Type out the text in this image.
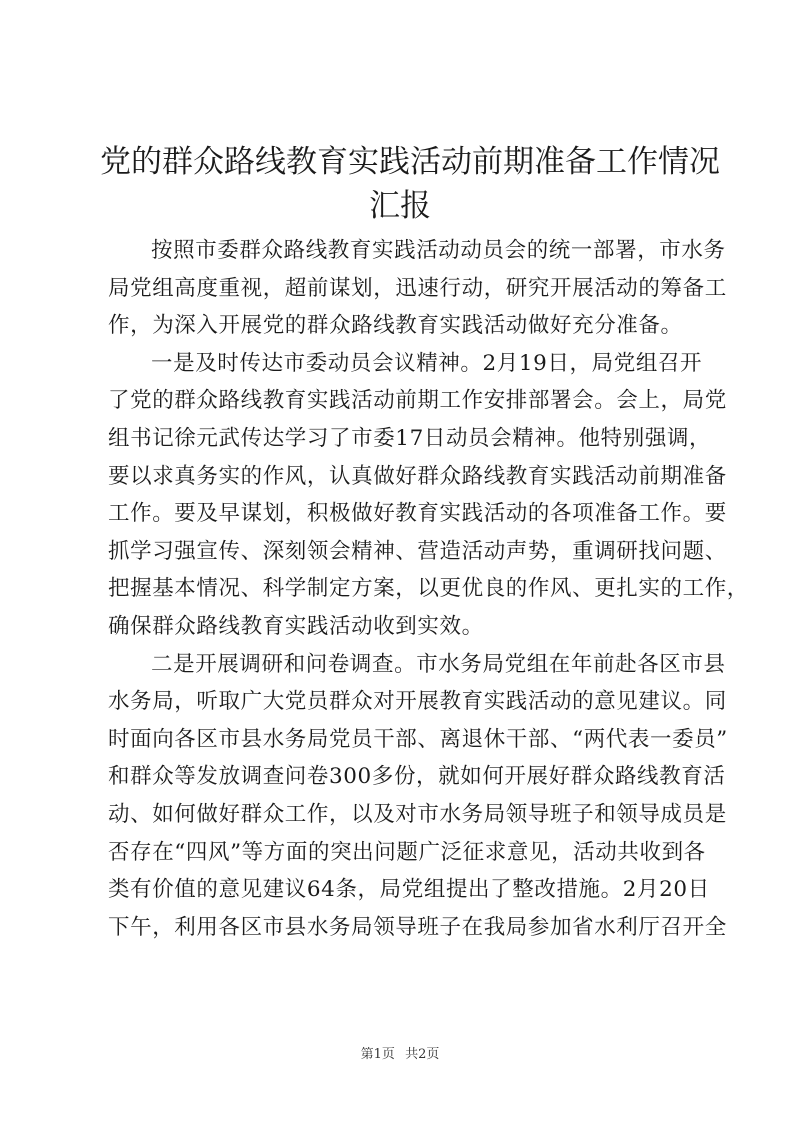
党的群众路线教育实践活动前期准备工作情况
汇报
按照市委群众路线教育实践活动动员会的统一部署，市水务
局党组高度重视，超前谋划，迅速行动，研究开展活动的筹备工
作，为深入开展党的群众路线教育实践活动做好充分准备。
一是及时传达市委动员会议精神。2月19日，局党组召开
了党的群众路线教育实践活动前期工作安排部署会。会上，局党
组书记徐元武传达学习了市委17日动员会精神。他特别强调，
要以求真务实的作风，认真做好群众路线教育实践活动前期准备
工作。要及早谋划，积极做好教育实践活动的各项准备工作。要
抓学习强宣传、深刻领会精神、营造活动声势，重调研找问题、
把握基本情况、科学制定方案，以更优良的作风、更扎实的工作，
确保群众路线教育实践活动收到实效。
二是开展调研和问卷调查。市水务局党组在年前赴各区市县
水务局，听取广大党员群众对开展教育实践活动的意见建议。同
时面向各区市县水务局党员干部、离退休干部、“两代表一委员”
和群众等发放调查问卷300多份，就如何开展好群众路线教育活
动、如何做好群众工作，以及对市水务局领导班子和领导成员是
否存在“四风”等方面的突出问题广泛征求意见，活动共收到各
类有价值的意见建议64条，局党组提出了整改措施。2月20日
下午，利用各区市县水务局领导班子在我局参加省水利厅召开全
第1页 共2页
